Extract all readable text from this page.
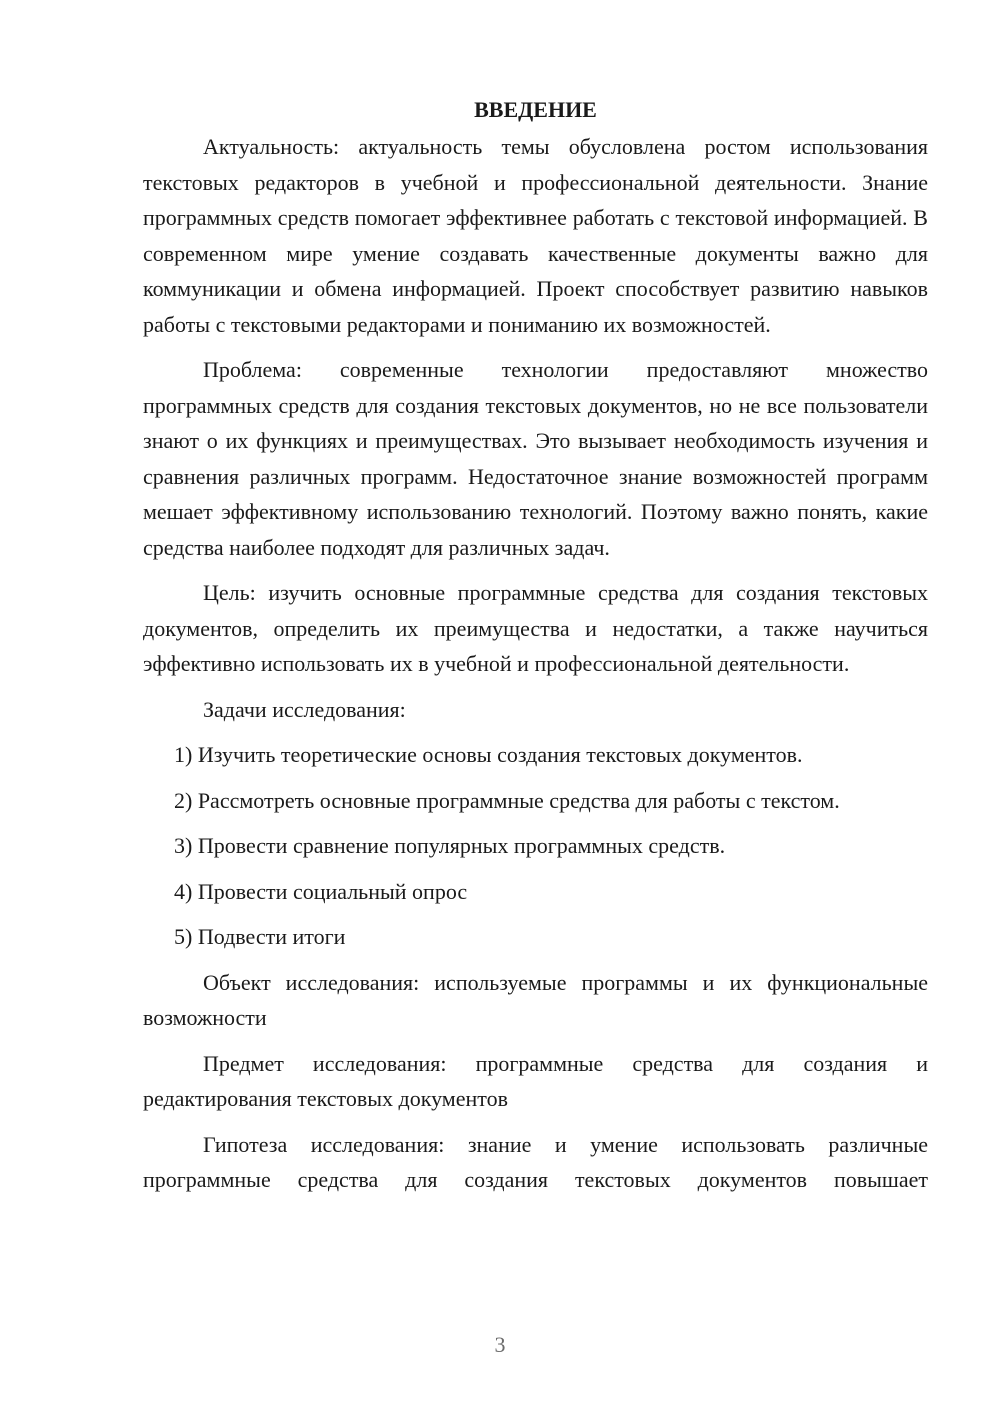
ВВЕДЕНИЕ

Актуальность: актуальность темы обусловлена ростом использования текстовых редакторов в учебной и профессиональной деятельности. Знание программных средств помогает эффективнее работать с текстовой информацией. В современном мире умение создавать качественные документы важно для коммуникации и обмена информацией. Проект способствует развитию навыков работы с текстовыми редакторами и пониманию их возможностей.

Проблема: современные технологии предоставляют множество программных средств для создания текстовых документов, но не все пользователи знают о их функциях и преимуществах. Это вызывает необходимость изучения и сравнения различных программ. Недостаточное знание возможностей программ мешает эффективному использованию технологий. Поэтому важно понять, какие средства наиболее подходят для различных задач.

Цель: изучить основные программные средства для создания текстовых документов, определить их преимущества и недостатки, а также научиться эффективно использовать их в учебной и профессиональной деятельности.

Задачи исследования:

1) Изучить теоретические основы создания текстовых документов.
2) Рассмотреть основные программные средства для работы с текстом.
3) Провести сравнение популярных программных средств.
4) Провести социальный опрос
5) Подвести итоги

Объект исследования: используемые программы и их функциональные возможности

Предмет исследования: программные средства для создания и редактирования текстовых документов

Гипотеза исследования: знание и умение использовать различные программные средства для создания текстовых документов повышает

3
